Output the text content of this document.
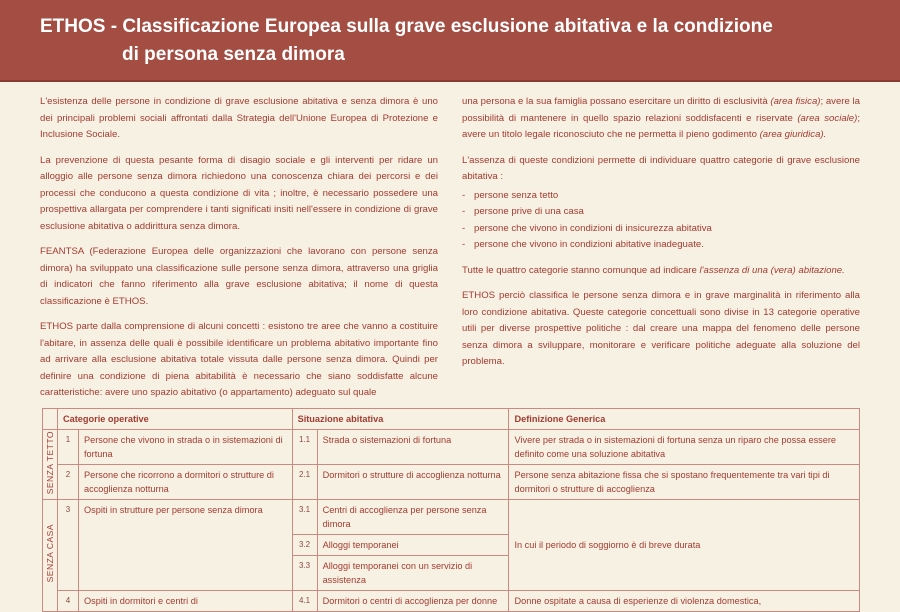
ETHOS - Classificazione Europea sulla grave esclusione abitativa e la condizione
di persona senza dimora

L'esistenza delle persone in condizione di grave esclusione abitativa e senza dimora è uno dei principali problemi sociali affrontati dalla Strategia dell'Unione Europea di Protezione e Inclusione Sociale.

La prevenzione di questa pesante forma di disagio sociale e gli interventi per ridare un alloggio alle persone senza dimora richiedono una conoscenza chiara dei percorsi e dei processi che conducono a questa condizione di vita ; inoltre, è necessario possedere una prospettiva allargata per comprendere i tanti significati insiti nell'essere in condizione di grave esclusione abitativa o addirittura senza dimora.

FEANTSA (Federazione Europea delle organizzazioni che lavorano con persone senza dimora) ha sviluppato una classificazione sulle persone senza dimora, attraverso una griglia di indicatori che fanno riferimento alla grave esclusione abitativa; il nome di questa classificazione è ETHOS.

ETHOS parte dalla comprensione di alcuni concetti : esistono tre aree che vanno a costituire l'abitare, in assenza delle quali è possibile identificare un problema abitativo importante fino ad arrivare alla esclusione abitativa totale vissuta dalle persone senza dimora. Quindi per definire una condizione di piena abitabilità è necessario che siano soddisfatte alcune caratteristiche: avere uno spazio abitativo (o appartamento) adeguato sul quale

una persona e la sua famiglia possano esercitare un diritto di esclusività (area fisica); avere la possibilità di mantenere in quello spazio relazioni soddisfacenti e riservate (area sociale); avere un titolo legale riconosciuto che ne permetta il pieno godimento (area giuridica).

L'assenza di queste condizioni permette di individuare quattro categorie di grave esclusione abitativa :

- persone senza tetto
- persone prive di una casa
- persone che vivono in condizioni di insicurezza abitativa
- persone che vivono in condizioni abitative inadeguate.

Tutte le quattro categorie stanno comunque ad indicare l'assenza di una (vera) abitazione.

ETHOS perciò classifica le persone senza dimora e in grave marginalità in riferimento alla loro condizione abitativa. Queste categorie concettuali sono divise in 13 categorie operative utili per diverse prospettive politiche : dal creare una mappa del fenomeno delle persone senza dimora a sviluppare, monitorare e verificare politiche adeguate alla soluzione del problema.

	Categorie operative		Situazione abitativa		Definizione Generica
SENZA TETTO	1	Persone che vivono in strada o in sistemazioni di fortuna	1.1	Strada o sistemazioni di fortuna	Vivere per strada o in sistemazioni di fortuna senza un riparo che possa essere definito come una soluzione abitativa
	2	Persone che ricorrono a dormitori o strutture di accoglienza notturna	2.1	Dormitori o strutture di accoglienza notturna	Persone senza abitazione fissa che si spostano frequentemente tra vari tipi di dormitori o strutture di accoglienza
SENZA CASA	3	Ospiti in strutture per persone senza dimora	3.1	Centri di accoglienza per persone senza dimora	In cui il periodo di soggiorno è di breve durata
			3.2	Alloggi temporanei	
			3.3	Alloggi temporanei con un servizio di assistenza	
	4	Ospiti in dormitori e centri di	4.1	Dormitori o centri di accoglienza per donne	Donne ospitate a causa di esperienze di violenza domestica,
